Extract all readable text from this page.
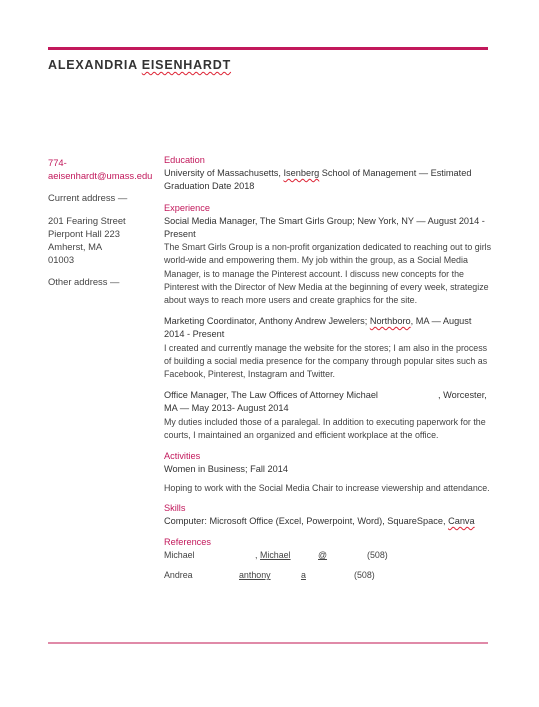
ALEXANDRIA EISENHARDT
774-
aeisenhardt@umass.edu
Current address —
201 Fearing Street
Pierpont Hall 223
Amherst, MA
01003
Other address —

Education

University of Massachusetts, Isenberg School of Management — Estimated Graduation Date 2018

Experience

Social Media Manager, The Smart Girls Group; New York, NY — August 2014 - Present

The Smart Girls Group is a non-profit organization dedicated to reaching out to girls world-wide and empowering them. My job within the group, as a Social Media Manager, is to manage the Pinterest account. I discuss new concepts for the Pinterest with the Director of New Media at the beginning of every week, strategize about ways to reach more users and create graphics for the site.

Marketing Coordinator, Anthony Andrew Jewelers; Northboro, MA — August 2014 - Present

I created and currently manage the website for the stores; I am also in the process of building a social media presence for the company through popular sites such as Facebook, Pinterest, Instagram and Twitter.

Office Manager, The Law Offices of Attorney Michael	, Worcester, MA — May 2013- August 2014

My duties included those of a paralegal. In addition to executing paperwork for the courts, I maintained an organized and efficient workplace at the office.

Activities

Women in Business; Fall 2014

Hoping to work with the Social Media Chair to increase viewership and attendance.

Skills

Computer: Microsoft Office (Excel, Powerpoint, Word), SquareSpace, Canva

References

Michael	, Michael	@	(508)
Andrea	anthony	a	(508)
